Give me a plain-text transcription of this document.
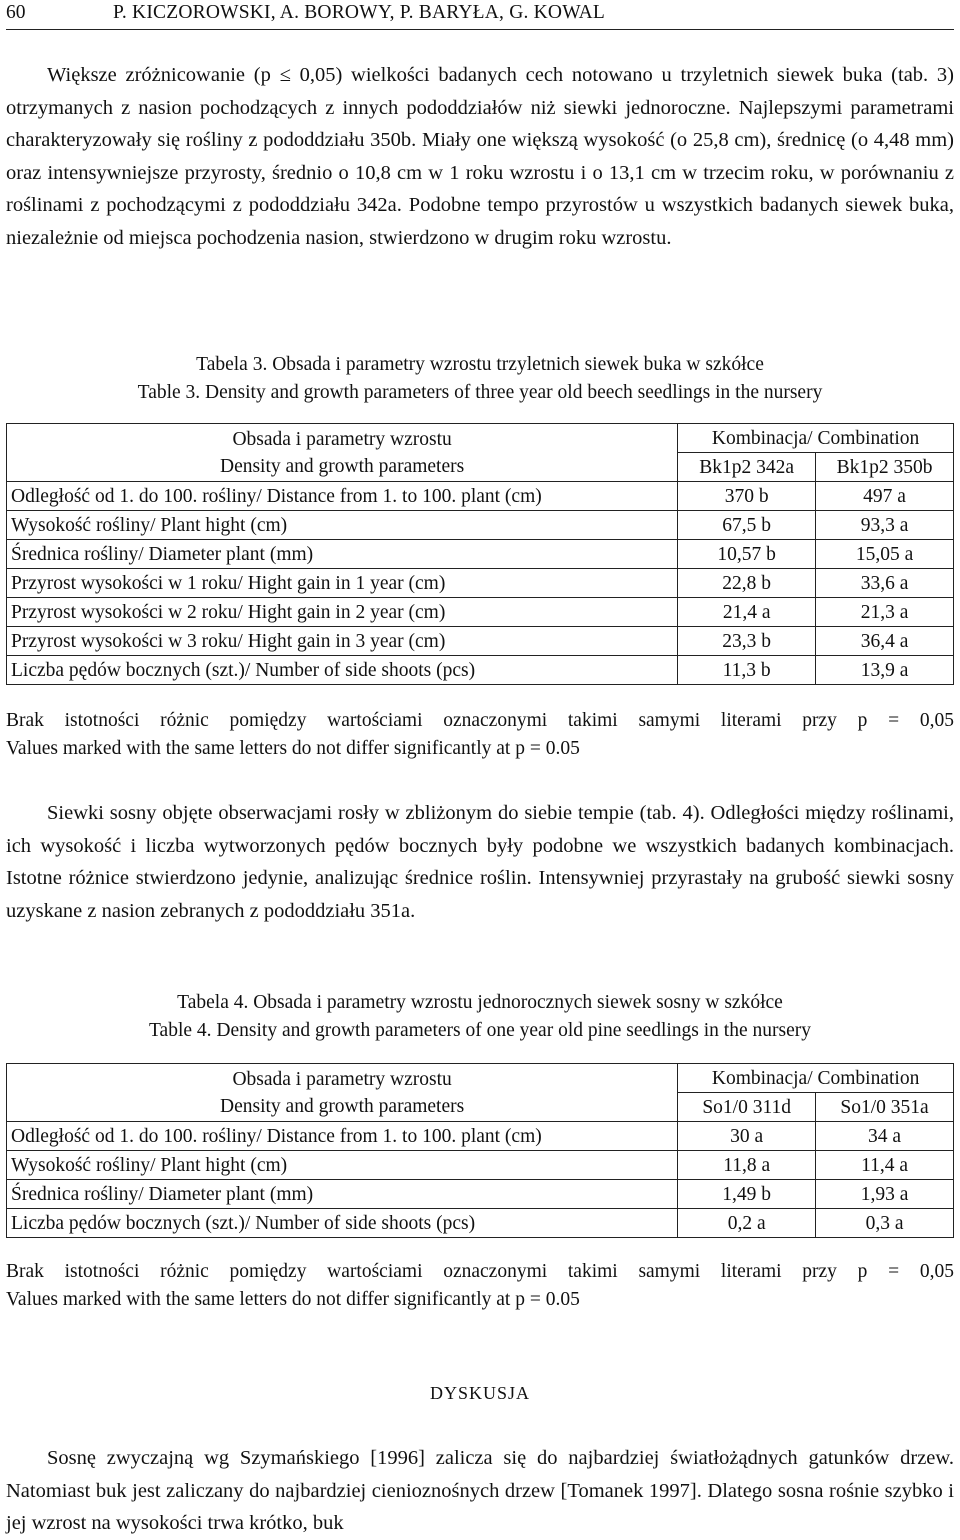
60	P. KICZOROWSKI, A. BOROWY, P. BARYŁA, G. KOWAL

Większe zróżnicowanie (p ≤ 0,05) wielkości badanych cech notowano u trzyletnich siewek buka (tab. 3) otrzymanych z nasion pochodzących z innych pododdziałów niż siewki jednoroczne. Najlepszymi parametrami charakteryzowały się rośliny z pododdziału 350b. Miały one większą wysokość (o 25,8 cm), średnicę (o 4,48 mm) oraz intensywniejsze przyrosty, średnio o 10,8 cm w 1 roku wzrostu i o 13,1 cm w trzecim roku, w porównaniu z roślinami z pochodzącymi z pododdziału 342a. Podobne tempo przyrostów u wszystkich badanych siewek buka, niezależnie od miejsca pochodzenia nasion, stwierdzono w drugim roku wzrostu.

Tabela 3. Obsada i parametry wzrostu trzyletnich siewek buka w szkółce
Table 3. Density and growth parameters of three year old beech seedlings in the nursery
Obsada i parametry wzrostu
Density and growth parameters	Kombinacja/ Combination	
	Bk1p2 342a	Bk1p2 350b
Odległość od 1. do 100. rośliny/ Distance from 1. to 100. plant (cm)	370 b	497 a
Wysokość rośliny/ Plant hight (cm)	67,5 b	93,3 a
Średnica rośliny/ Diameter plant (mm)	10,57 b	15,05 a
Przyrost wysokości w 1 roku/ Hight gain in 1 year (cm)	22,8 b	33,6 a
Przyrost wysokości w 2 roku/ Hight gain in 2 year (cm)	21,4 a	21,3 a
Przyrost wysokości w 3 roku/ Hight gain in 3 year (cm)	23,3 b	36,4 a
Liczba pędów bocznych (szt.)/ Number of side shoots (pcs)	11,3 b	13,9 a
Brak istotności różnic pomiędzy wartościami oznaczonymi takimi samymi literami przy p = 0,05
Values marked with the same letters do not differ significantly at p = 0.05

Siewki sosny objęte obserwacjami rosły w zbliżonym do siebie tempie (tab. 4). Odległości między roślinami, ich wysokość i liczba wytworzonych pędów bocznych były podobne we wszystkich badanych kombinacjach. Istotne różnice stwierdzono jedynie, analizując średnice roślin. Intensywniej przyrastały na grubość siewki sosny uzyskane z nasion zebranych z pododdziału 351a.

Tabela 4. Obsada i parametry wzrostu jednorocznych siewek sosny w szkółce
Table 4. Density and growth parameters of one year old pine seedlings in the nursery
Obsada i parametry wzrostu
Density and growth parameters	Kombinacja/ Combination	
	So1/0 311d	So1/0 351a
Odległość od 1. do 100. rośliny/ Distance from 1. to 100. plant (cm)	30 a	34 a
Wysokość rośliny/ Plant hight (cm)	11,8 a	11,4 a
Średnica rośliny/ Diameter plant (mm)	1,49 b	1,93 a
Liczba pędów bocznych (szt.)/ Number of side shoots (pcs)	0,2 a	0,3 a
Brak istotności różnic pomiędzy wartościami oznaczonymi takimi samymi literami przy p = 0,05
Values marked with the same letters do not differ significantly at p = 0.05
DYSKUSJA

Sosnę zwyczajną wg Szymańskiego [1996] zalicza się do najbardziej światłożądnych gatunków drzew. Natomiast buk jest zaliczany do najbardziej cienioznośnych drzew [Tomanek 1997]. Dlatego sosna rośnie szybko i jej wzrost na wysokości trwa krótko, buk
